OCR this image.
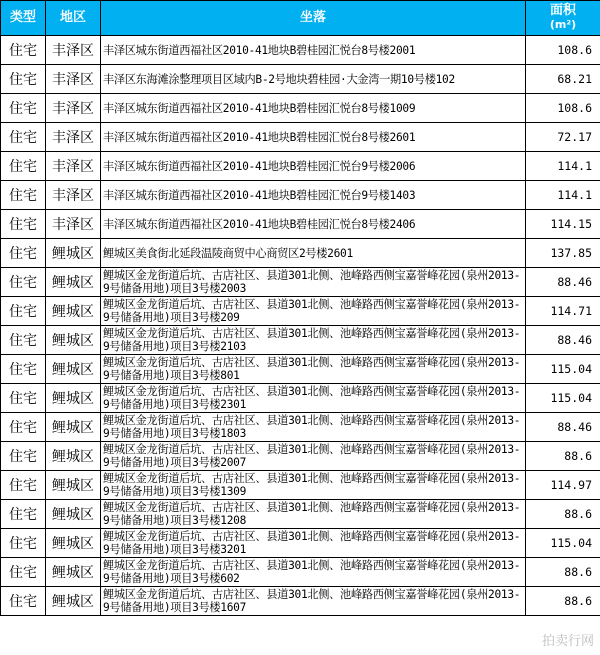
类型	地区	坐落	面积
(m²)

住宅	丰泽区	丰泽区城东街道西福社区2010-41地块B碧桂园汇悦台8号楼2001	108.6
住宅	丰泽区	丰泽区东海滩涂整理项目区域内B-2号地块碧桂园·大金湾一期10号楼102	68.21
住宅	丰泽区	丰泽区城东街道西福社区2010-41地块B碧桂园汇悦台8号楼1009	108.6
住宅	丰泽区	丰泽区城东街道西福社区2010-41地块B碧桂园汇悦台8号楼2601	72.17
住宅	丰泽区	丰泽区城东街道西福社区2010-41地块B碧桂园汇悦台9号楼2006	114.1
住宅	丰泽区	丰泽区城东街道西福社区2010-41地块B碧桂园汇悦台9号楼1403	114.1
住宅	丰泽区	丰泽区城东街道西福社区2010-41地块B碧桂园汇悦台8号楼2406	114.15
住宅	鲤城区	鲤城区美食街北延段温陵商贸中心商贸区2号楼2601	137.85
住宅	鲤城区	鲤城区金龙街道后坑、古店社区、县道301北侧、池峰路西侧宝嘉誉峰花园(泉州2013-9号储备用地)项目3号楼2003	88.46
住宅	鲤城区	鲤城区金龙街道后坑、古店社区、县道301北侧、池峰路西侧宝嘉誉峰花园(泉州2013-9号储备用地)项目3号楼209	114.71
住宅	鲤城区	鲤城区金龙街道后坑、古店社区、县道301北侧、池峰路西侧宝嘉誉峰花园(泉州2013-9号储备用地)项目3号楼2103	88.46
住宅	鲤城区	鲤城区金龙街道后坑、古店社区、县道301北侧、池峰路西侧宝嘉誉峰花园(泉州2013-9号储备用地)项目3号楼801	115.04
住宅	鲤城区	鲤城区金龙街道后坑、古店社区、县道301北侧、池峰路西侧宝嘉誉峰花园(泉州2013-9号储备用地)项目3号楼2301	115.04
住宅	鲤城区	鲤城区金龙街道后坑、古店社区、县道301北侧、池峰路西侧宝嘉誉峰花园(泉州2013-9号储备用地)项目3号楼1803	88.46
住宅	鲤城区	鲤城区金龙街道后坑、古店社区、县道301北侧、池峰路西侧宝嘉誉峰花园(泉州2013-9号储备用地)项目3号楼2007	88.6
住宅	鲤城区	鲤城区金龙街道后坑、古店社区、县道301北侧、池峰路西侧宝嘉誉峰花园(泉州2013-9号储备用地)项目3号楼1309	114.97
住宅	鲤城区	鲤城区金龙街道后坑、古店社区、县道301北侧、池峰路西侧宝嘉誉峰花园(泉州2013-9号储备用地)项目3号楼1208	88.6
住宅	鲤城区	鲤城区金龙街道后坑、古店社区、县道301北侧、池峰路西侧宝嘉誉峰花园(泉州2013-9号储备用地)项目3号楼3201	115.04
住宅	鲤城区	鲤城区金龙街道后坑、古店社区、县道301北侧、池峰路西侧宝嘉誉峰花园(泉州2013-9号储备用地)项目3号楼602	88.6
住宅	鲤城区	鲤城区金龙街道后坑、古店社区、县道301北侧、池峰路西侧宝嘉誉峰花园(泉州2013-9号储备用地)项目3号楼1607	88.6
拍卖行网
